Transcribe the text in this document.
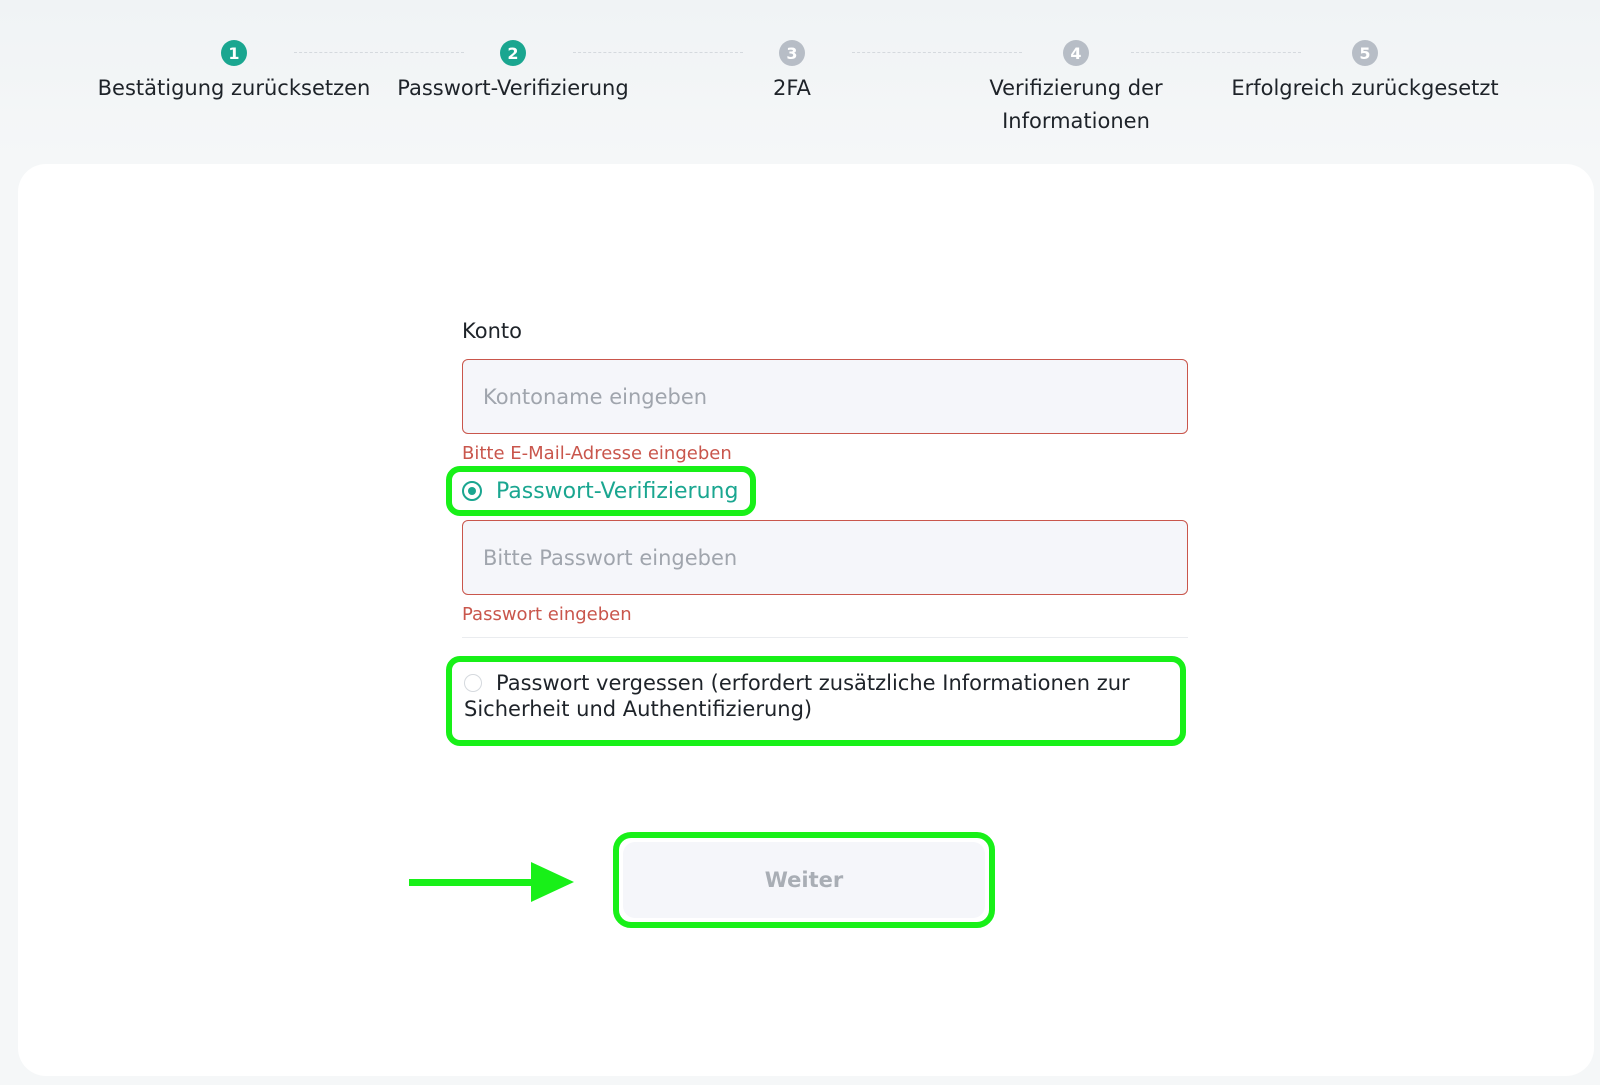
1
Bestätigung zurücksetzen
2
Passwort-Verifizierung
3
2FA
4
Verifizierung der Informationen
5
Erfolgreich zurückgesetzt
Konto
Kontoname eingeben
Bitte E-Mail-Adresse eingeben
Passwort-Verifizierung

Passwort eingeben
Passwort vergessen (erfordert zusätzliche Informationen zur Sicherheit und Authentifizierung)
Weiter
